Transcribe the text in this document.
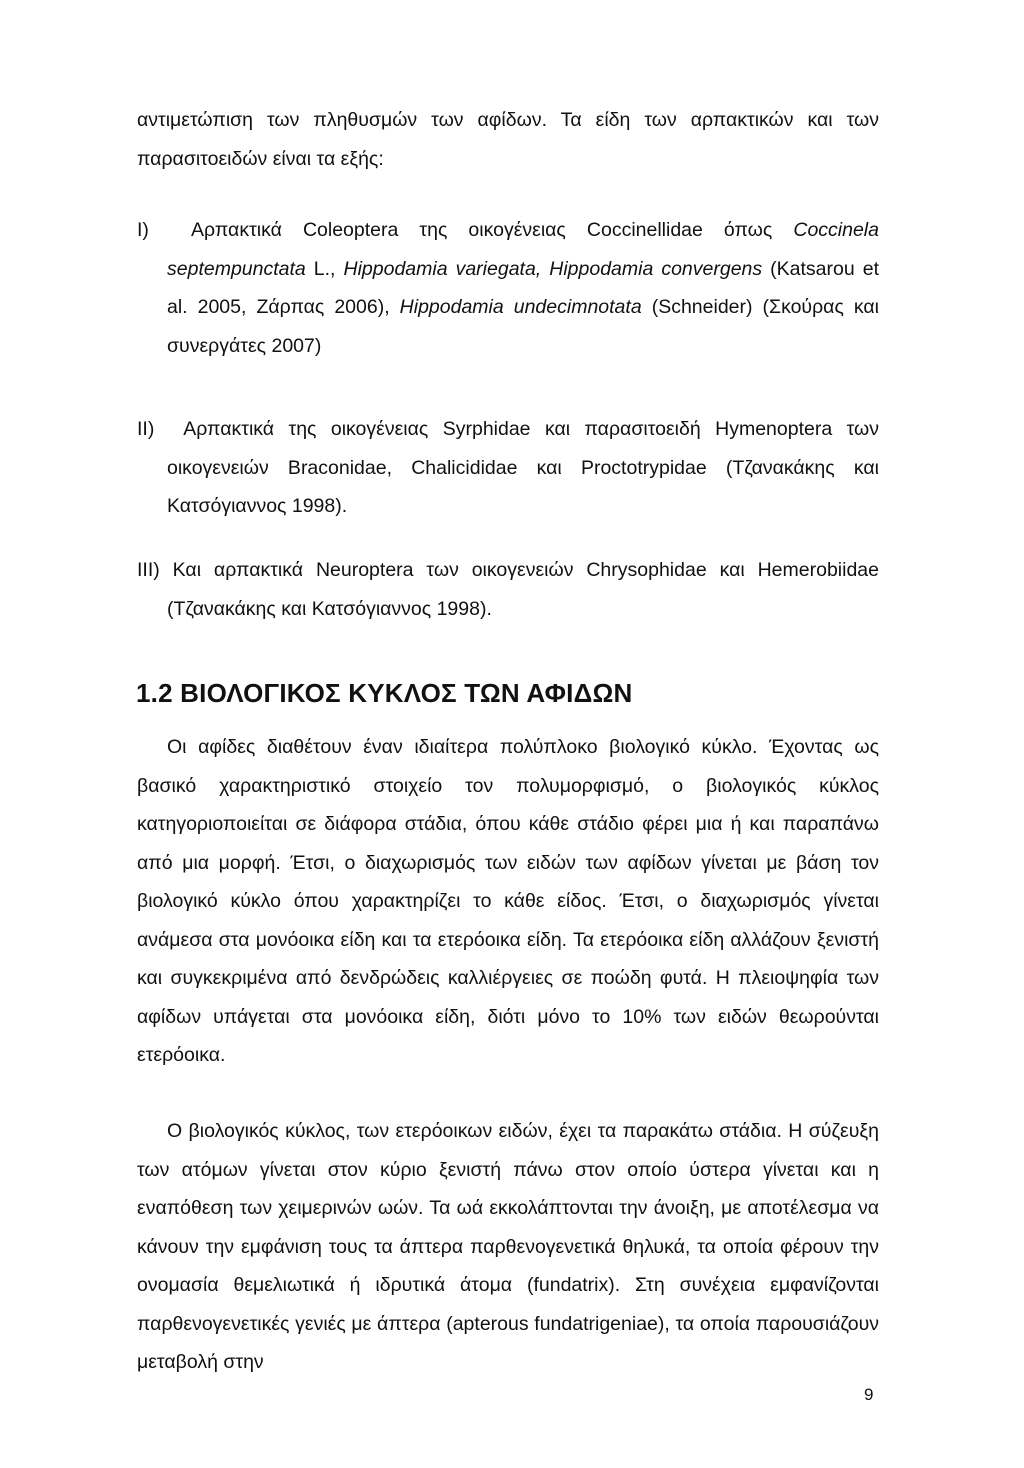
αντιμετώπιση των πληθυσμών των αφίδων. Τα είδη των αρπακτικών και των παρασιτοειδών είναι τα εξής:

I) Αρπακτικά Coleoptera της οικογένειας Coccinellidae όπως Coccinela septempunctata L., Hippodamia variegata, Hippodamia convergens (Katsarou et al. 2005, Ζάρπας 2006), Hippodamia undecimnotata (Schneider) (Σκούρας και συνεργάτες 2007)

II) Αρπακτικά της οικογένειας Syrphidae και παρασιτοειδή Hymenoptera των οικογενειών Braconidae, Chalicididae και Proctotrypidae (Τζανακάκης και Κατσόγιαννος 1998).

III) Και αρπακτικά Neuroptera των οικογενειών Chrysophidae και Hemerobiidae (Τζανακάκης και Κατσόγιαννος 1998).

1.2 ΒΙΟΛΟΓΙΚΟΣ ΚΥΚΛΟΣ ΤΩΝ ΑΦΙΔΩΝ

Οι αφίδες διαθέτουν έναν ιδιαίτερα πολύπλοκο βιολογικό κύκλο. Έχοντας ως βασικό χαρακτηριστικό στοιχείο τον πολυμορφισμό, ο βιολογικός κύκλος κατηγοριοποιείται σε διάφορα στάδια, όπου κάθε στάδιο φέρει μια ή και παραπάνω από μια μορφή. Έτσι, ο διαχωρισμός των ειδών των αφίδων γίνεται με βάση τον βιολογικό κύκλο όπου χαρακτηρίζει το κάθε είδος. Έτσι, ο διαχωρισμός γίνεται ανάμεσα στα μονόοικα είδη και τα ετερόοικα είδη. Τα ετερόοικα είδη αλλάζουν ξενιστή και συγκεκριμένα από δενδρώδεις καλλιέργειες σε ποώδη φυτά. Η πλειοψηφία των αφίδων υπάγεται στα μονόοικα είδη, διότι μόνο το 10% των ειδών θεωρούνται ετερόοικα.

Ο βιολογικός κύκλος, των ετερόοικων ειδών, έχει τα παρακάτω στάδια. Η σύζευξη των ατόμων γίνεται στον κύριο ξενιστή πάνω στον οποίο ύστερα γίνεται και η εναπόθεση των χειμερινών ωών. Τα ωά εκκολάπτονται την άνοιξη, με αποτέλεσμα να κάνουν την εμφάνιση τους τα άπτερα παρθενογενετικά θηλυκά, τα οποία φέρουν την ονομασία θεμελιωτικά ή ιδρυτικά άτομα (fundatrix). Στη συνέχεια εμφανίζονται παρθενογενετικές γενιές με άπτερα (apterous fundatrigeniae), τα οποία παρουσιάζουν μεταβολή στην

9
